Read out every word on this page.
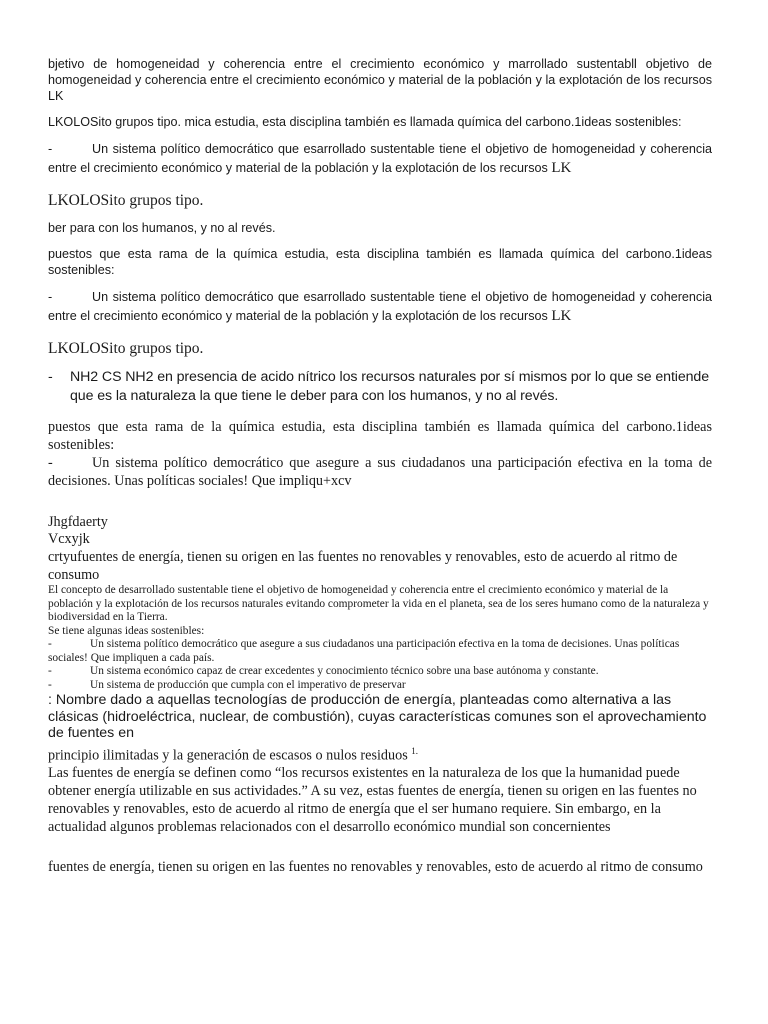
bjetivo de homogeneidad y coherencia entre el crecimiento económico y marrollado sustentabll objetivo de homogeneidad y coherencia entre el crecimiento económico y material de la población y la explotación de los recursos LK

LKOLOSito grupos tipo. mica estudia, esta disciplina también es llamada química del carbono.1ideas sostenibles:

-	Un sistema político democrático que esarrollado sustentable tiene el objetivo de homogeneidad y coherencia entre el crecimiento económico y material de la población y la explotación de los recursos LK

LKOLOSito grupos tipo.

ber para con los humanos, y no al revés.

puestos que esta rama de la química estudia, esta disciplina también es llamada química del carbono.1ideas sostenibles:

-	Un sistema político democrático que esarrollado sustentable tiene el objetivo de homogeneidad y coherencia entre el crecimiento económico y material de la población y la explotación de los recursos LK

LKOLOSito grupos tipo.

-	NH2 CS NH2 en presencia de acido nítrico los recursos naturales por sí mismos por lo que se entiende que es la naturaleza la que tiene le deber para con los humanos, y no al revés.

puestos que esta rama de la química estudia, esta disciplina también es llamada química del carbono.1ideas sostenibles:

-	Un sistema político democrático que asegure a sus ciudadanos una participación efectiva en la toma de decisiones. Unas políticas sociales! Que impliqu+xcv

Jhgfdaerty

Vcxyjk

crtyufuentes de energía, tienen su origen en las fuentes no renovables y renovables, esto de acuerdo al ritmo de consumo

El concepto de desarrollado sustentable tiene el objetivo de homogeneidad y coherencia entre el crecimiento económico y material de la población y la explotación de los recursos naturales evitando comprometer la vida en el planeta, sea de los seres humano como de la naturaleza y biodiversidad en la Tierra.

Se tiene algunas ideas sostenibles:

-	Un sistema político democrático que asegure a sus ciudadanos una participación efectiva en la toma de decisiones. Unas políticas sociales! Que impliquen a cada país.

-	Un sistema económico capaz de crear excedentes y conocimiento técnico sobre una base autónoma y constante.

-	Un sistema de producción que cumpla con el imperativo de preservar

: Nombre dado a aquellas tecnologías de producción de energía, planteadas como alternativa a las clásicas (hidroeléctrica, nuclear, de combustión), cuyas características comunes son el aprovechamiento de fuentes en

principio ilimitadas y la generación de escasos o nulos residuos $^{1.}$

Las fuentes de energía se definen como “los recursos existentes en la naturaleza de los que la humanidad puede obtener energía utilizable en sus actividades.” A su vez, estas fuentes de energía, tienen su origen en las fuentes no renovables y renovables, esto de acuerdo al ritmo de energía que el ser humano requiere. Sin embargo, en la actualidad algunos problemas relacionados con el desarrollo económico mundial son concernientes

fuentes de energía, tienen su origen en las fuentes no renovables y renovables, esto de acuerdo al ritmo de consumo
